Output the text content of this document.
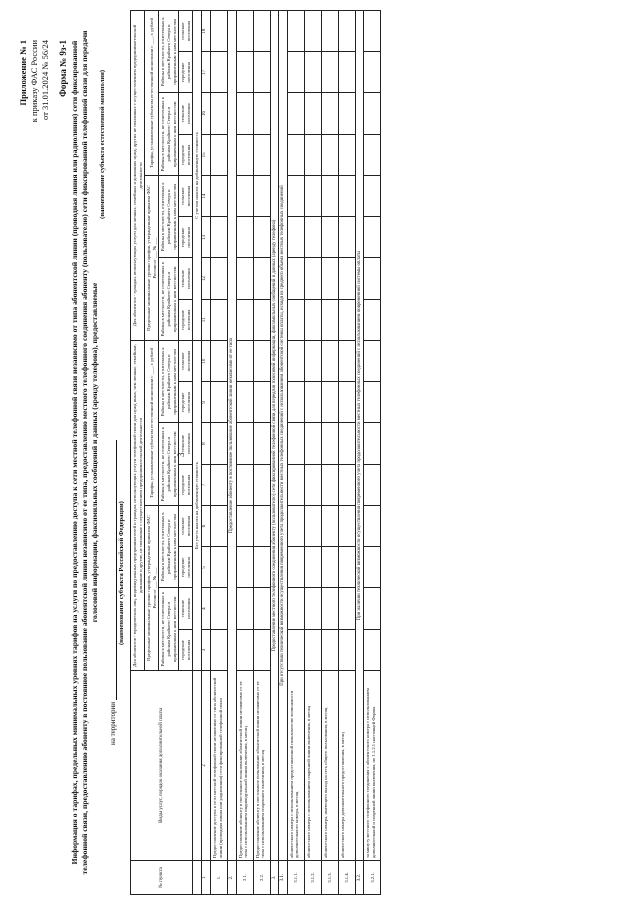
3
Приложение № 1 к приказу ФАС России от 31.01.2024 № 56/24 Форма № 9з-1 Информация о тарифах, предельных минимальных уровнях тарифов на услуги по предоставлению доступа к сети местной телефонной связи независимо от типа абонентской линии (проводная линия или радиолиния) сети фиксированной телефонной связи, предоставлению абоненту в постоянное пользование абонентской линии независимо от ее типа, предоставлению местного телефонного соединения абоненту (пользователю) сети фиксированной телефонной связи для передачи голосовой информации, факсимильных сообщений и данных (аренду телефона), предоставляемые
(наименование субъекта естественной монополии)
на территории
(наименование субъекта Российской Федерации)
№ пункта	Виды услуг, порядок оказания дополнительной платы	Для абонентов - юридических лиц, индивидуальных предпринимателей и граждан, использующих услуги телефонной связи для нужд иных, чем личные, семейные, домашние и другие, не связанные с осуществлением предпринимательской деятельности								Для абонентов - граждан, использующих услуги для личных, семейных и домашних нужд, других не связанных с осуществлением предпринимательской деятельности							
		Предельные минимальные уровни тарифов, утвержденные приказом ФАС России от ___ № ___				Тарифы, установленные субъектом естественной монополии с ___, г. рублей				Предельные минимальные уровни тарифов, утвержденные приказом ФАС России от ___ № ___				Тарифы, установленные субъектом естественной монополии с ___, г. рублей			
		Районы в местности, не отнесенных к районам Крайнего Севера и приравненным к ним местностям		Районы в местности, отнесенных к районам Крайнего Севера и приравненным к ним местностям		Районы в местности, не отнесенных к районам Крайнего Севера и приравненным к ним местностям		Районы в местности, отнесенных к районам Крайнего Севера и приравненным к ним местностям		Районы в местности, не отнесенных к районам Крайнего Севера и приравненным к ним местностям		Районы в местности, отнесенных к районам Крайнего Севера и приравненным к ним местностям		Районы в местности, не отнесенных к районам Крайнего Севера и приравненным к ним местностям		Районы в местности, отнесенных к районам Крайнего Севера и приравненным к ним местностям	
		городские поселения	сельские поселения	городские поселения	сельские поселения	городские поселения	сельские поселения	городские поселения	сельские поселения	городские поселения	сельские поселения	городские поселения	сельские поселения	городские поселения	сельские поселения	городские поселения	сельские поселения
		Без учета налога на добавленную стоимость								С учетом налога на добавленную стоимость							
1	2	3	4	5	6	7	8	9	10	11	12	13	14	15	16	17	18
1.	Предоставление доступа к сети местной телефонной связи независимо от типа абонентской линии (проводная линия или радиолиния) сети фиксированной телефонной связи																
2.	Предоставление абоненту в постоянное пользование абонентской линии независимо от ее типа																
2.1.	Предоставление абоненту в постоянное пользование абонентской линии независимо от ее типа с использованием индивидуальной линии включения, в месяц																
2.2.	Предоставление абоненту в постоянное пользование абонентской линии независимо от ее типа с использованием спаренного включения, в месяц																
3.	Предоставление местного телефонного соединения абоненту (пользователю) сети фиксированной телефонной связи для передачи голосовой информации, факсимильных сообщений и данных (аренду телефона)																
3.1.	При отсутствии технической возможности осуществления повременного учета продолжительности местных телефонных соединений с использованием абонентской системы оплаты, исходя из среднего объема местных телефонных соединений																
3.1.1.	абонентского номера с использованием предоставленной пользователю возможности дополнительного номера, в месяц																
3.1.2.	абонентского номера с использованием спаренной линии включения, в месяц																
3.1.3.	абонентского номера, имеющего выход на сеть общего пользования, в месяц																
3.1.4.	абонентского номера дополнительного предоставления, в месяц																
3.2.	При наличии технической возможности осуществления повременного учета продолжительности местных телефонных соединений с использованием повременной системы оплаты																
3.2.1.	за минуту местного телефонного соединения с абонентского номера с использованием дополнительной и спаренной линии включения, по 1.1.2.1 настоящей Формы																
